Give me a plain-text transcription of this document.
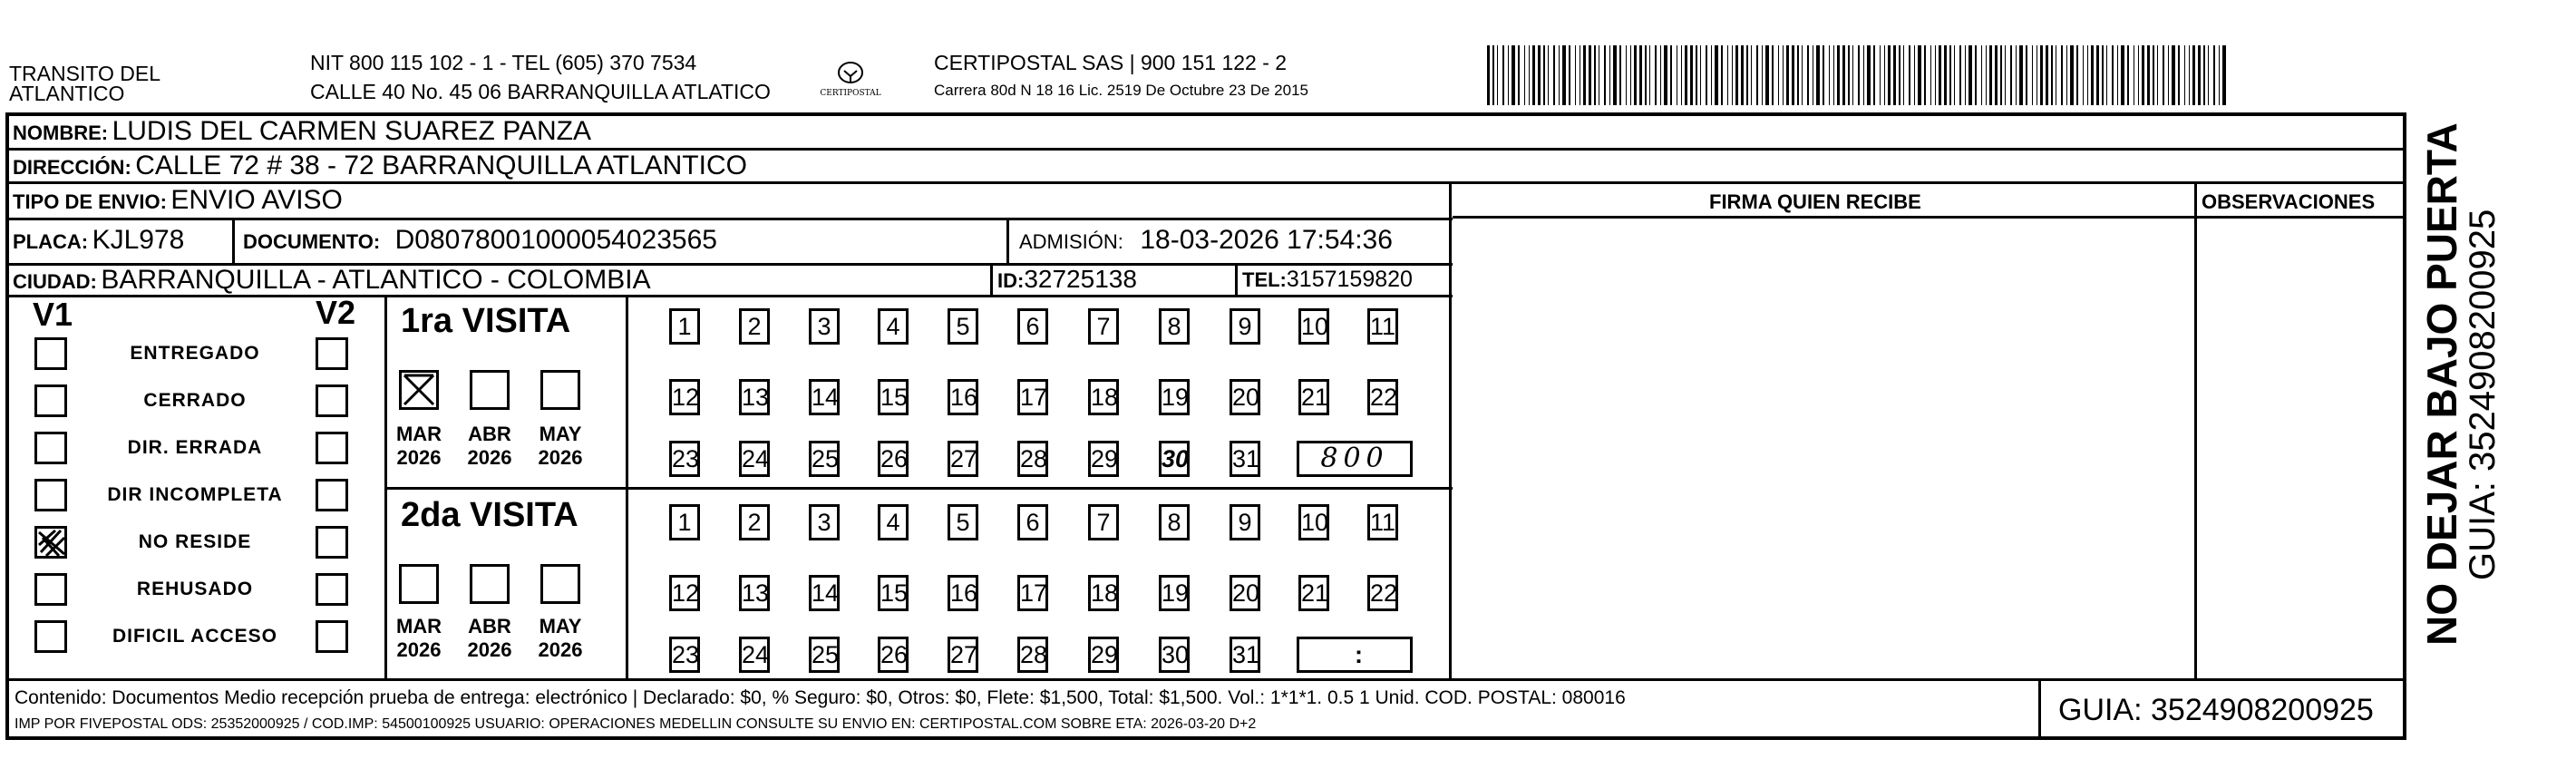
TRANSITO DEL
ATLANTICO
NIT 800 115 102 - 1 - TEL (605) 370 7534
CALLE 40 No. 45 06 BARRANQUILLA ATLATICO	CERTIPOSTAL
CERTIPOSTAL SAS | 900 151 122 - 2
Carrera 80d N 18 16 Lic. 2519 De Octubre 23 De 2015
NOMBRE: LUDIS DEL CARMEN SUAREZ PANZA
DIRECCIÓN: CALLE 72 # 38 - 72 BARRANQUILLA ATLANTICO
TIPO DE ENVIO: ENVIO AVISO	FIRMA QUIEN RECIBE	OBSERVACIONES
PLACA: KJL978	DOCUMENTO: D08078001000054023565	ADMISIÓN: 18-03-2026 17:54:36
CIUDAD: BARRANQUILLA - ATLANTICO - COLOMBIA	ID:32725138	TEL:3157159820
V1	V2
ENTREGADO
CERRADO
DIR. ERRADA
DIR INCOMPLETA
NO RESIDE
REHUSADO
DIFICIL ACCESO
1ra VISITA
2da VISITA
MAR
2026
ABR
2026
MAY
2026
MAR
2026
ABR
2026
MAY
2026
1	2	3	4	5	6	7	8	9	10 11
12 13 14 15 16 17 18 19 20 21 22
23 24 25 26 27 28 29 30 31	800
1	2	3	4	5	6	7	8	9	10 11
12 13 14 15 16 17 18 19 20 21 22
23 24 25 26 27 28 29 30 31	:
Contenido: Documentos Medio recepción prueba de entrega: electrónico | Declarado: $0, % Seguro: $0, Otros: $0, Flete: $1,500, Total: $1,500. Vol.: 1*1*1. 0.5 1 Unid. COD. POSTAL: 080016
IMP POR FIVEPOSTAL ODS: 25352000925 / COD.IMP: 54500100925 USUARIO: OPERACIONES MEDELLIN CONSULTE SU ENVIO EN: CERTIPOSTAL.COM SOBRE ETA: 2026-03-20 D+2	GUIA: 3524908200925
NO DEJAR BAJO PUERTA
GUIA: 3524908200925
